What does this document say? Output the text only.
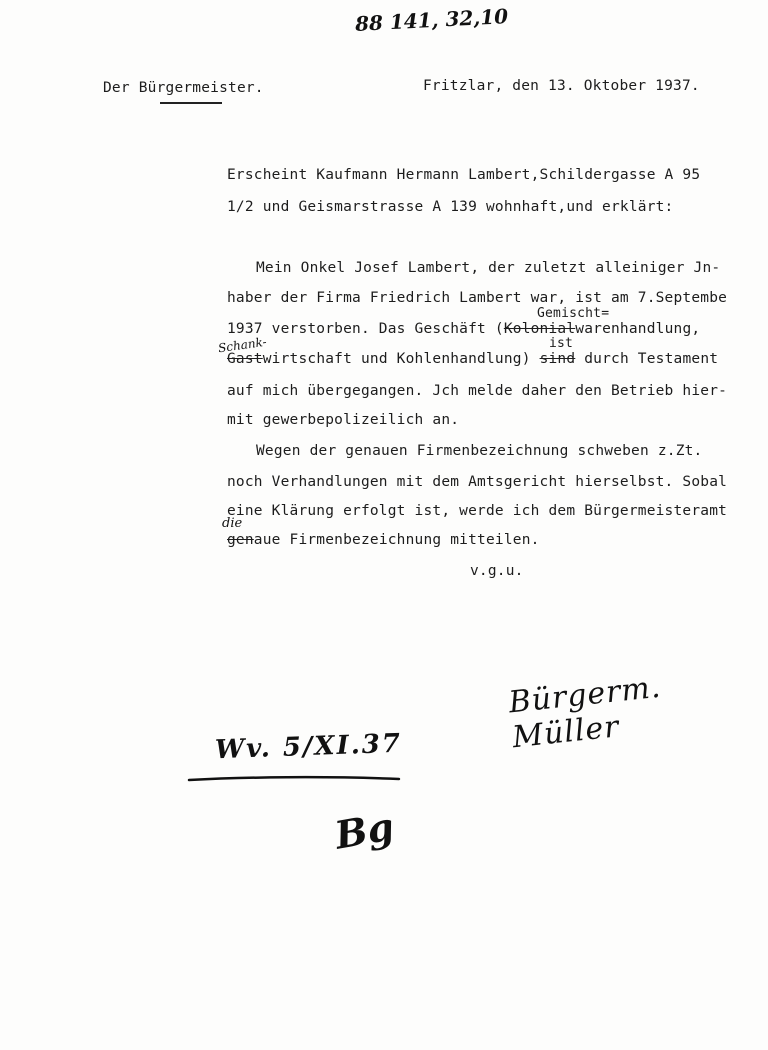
88 141, 32,10
Der Bürgermeister.	Fritzlar, den 13. Oktober 1937.
Erscheint Kaufmann Hermann Lambert,Schildergasse A 95
1/2 und Geismarstrasse A 139 wohnhaft,und erklärt:
Mein Onkel Josef Lambert, der zuletzt alleiniger Jn-
haber der Firma Friedrich Lambert war, ist am 7.Septembe
Gemischt=
1937 verstorben. Das Geschäft (Kolonialwarenhandlung,
ist
Schank-
Gastwirtschaft und Kohlenhandlung) sind durch Testament
auf mich übergegangen. Jch melde daher den Betrieb hier-
mit gewerbepolizeilich an.
Wegen der genauen Firmenbezeichnung schweben z.Zt.
noch Verhandlungen mit dem Amtsgericht hierselbst. Sobal
eine Klärung erfolgt ist, werde ich dem Bürgermeisteramt
die
genaue Firmenbezeichnung mitteilen.
v.g.u.
Bürgerm. Müller
Wv. 5/XI.37
Bg
